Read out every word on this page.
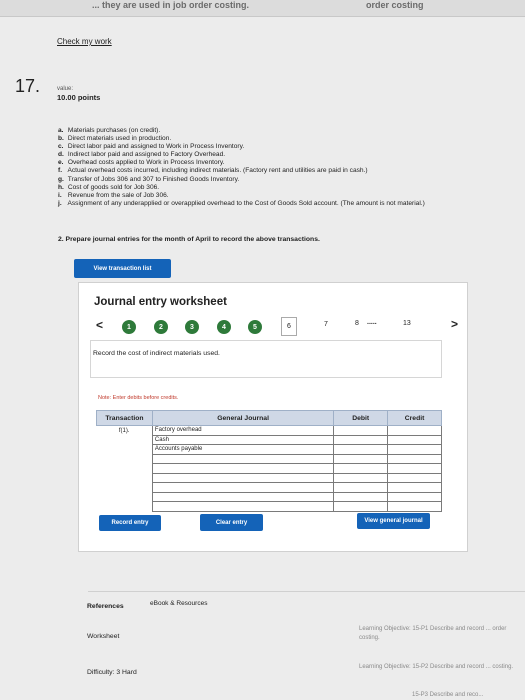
... they are used in job order costing.	order costing
Check my work
17.	value:
10.00 points
a. Materials purchases (on credit).
b. Direct materials used in production.
c. Direct labor paid and assigned to Work in Process Inventory.
d. Indirect labor paid and assigned to Factory Overhead.
e. Overhead costs applied to Work in Process Inventory.
f. Actual overhead costs incurred, including indirect materials. (Factory rent and utilities are paid in cash.)
g. Transfer of Jobs 306 and 307 to Finished Goods Inventory.
h. Cost of goods sold for Job 306.
i. Revenue from the sale of Job 306.
j. Assignment of any underapplied or overapplied overhead to the Cost of Goods Sold account. (The amount is not material.)
2. Prepare journal entries for the month of April to record the above transactions.
View transaction list
Journal entry worksheet
<	1	2	3	4	5	6	7	8 .....	13	>
Record the cost of indirect materials used.
Note: Enter debits before credits.
Transaction	General Journal	Debit	Credit
f(1).	Factory overhead		
	Cash		
	Accounts payable		

Record entry	Clear entry	View general journal
References	eBook & Resources
Worksheet
Learning Objective: 15-P1 Describe and record ... order costing.
Difficulty: 3 Hard
Learning Objective: 15-P2 Describe and record ... costing.
15-P3 Describe and reco...
